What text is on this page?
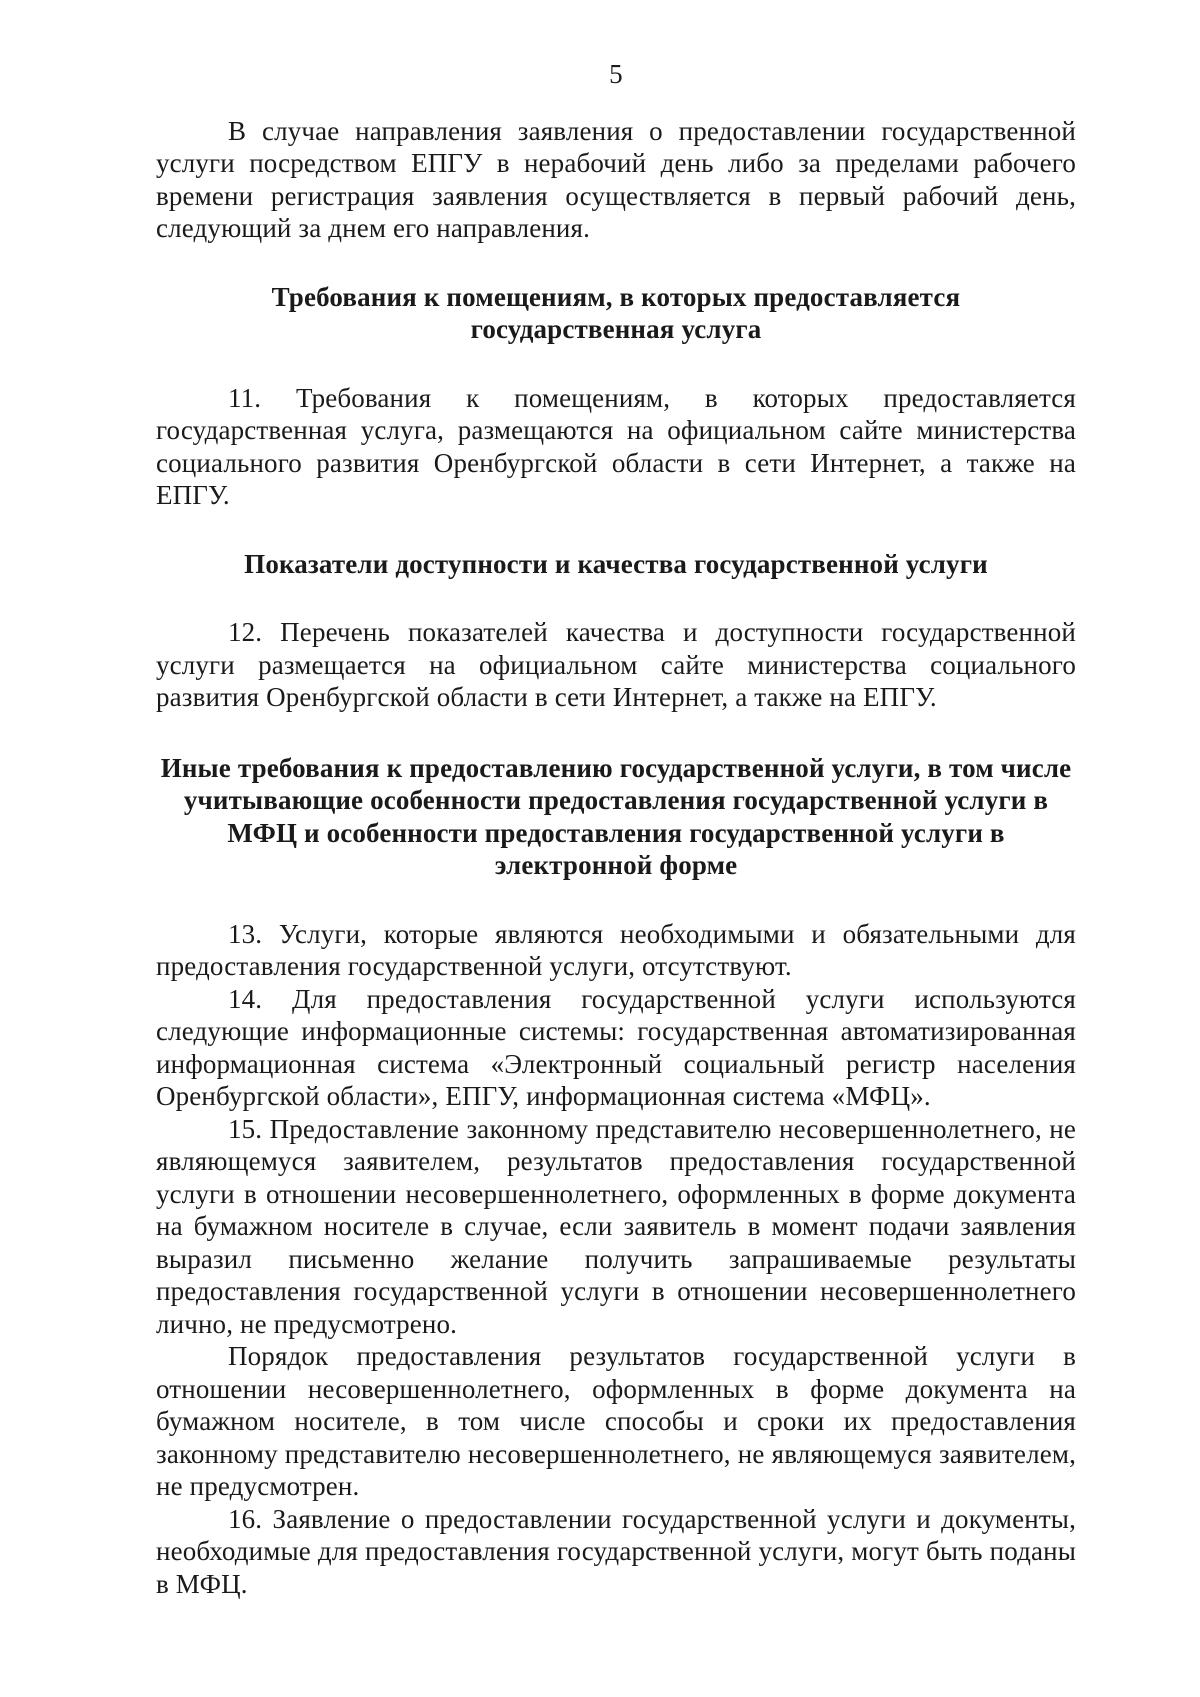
5

В случае направления заявления о предоставлении государственной услуги посредством ЕПГУ в нерабочий день либо за пределами рабочего времени регистрация заявления осуществляется в первый рабочий день, следующий за днем его направления.

Требования к помещениям, в которых предоставляется государственная услуга

11. Требования к помещениям, в которых предоставляется государственная услуга, размещаются на официальном сайте министерства социального развития Оренбургской области в сети Интернет, а также на ЕПГУ.

Показатели доступности и качества государственной услуги

12. Перечень показателей качества и доступности государственной услуги размещается на официальном сайте министерства социального развития Оренбургской области в сети Интернет, а также на ЕПГУ.

Иные требования к предоставлению государственной услуги, в том числе учитывающие особенности предоставления государственной услуги в МФЦ и особенности предоставления государственной услуги в электронной форме

13. Услуги, которые являются необходимыми и обязательными для предоставления государственной услуги, отсутствуют.

14. Для предоставления государственной услуги используются следующие информационные системы: государственная автоматизированная информационная система «Электронный социальный регистр населения Оренбургской области», ЕПГУ, информационная система «МФЦ».

15. Предоставление законному представителю несовершеннолетнего, не являющемуся заявителем, результатов предоставления государственной услуги в отношении несовершеннолетнего, оформленных в форме документа на бумажном носителе в случае, если заявитель в момент подачи заявления выразил письменно желание получить запрашиваемые результаты предоставления государственной услуги в отношении несовершеннолетнего лично, не предусмотрено.

Порядок предоставления результатов государственной услуги в отношении несовершеннолетнего, оформленных в форме документа на бумажном носителе, в том числе способы и сроки их предоставления законному представителю несовершеннолетнего, не являющемуся заявителем, не предусмотрен.

16. Заявление о предоставлении государственной услуги и документы, необходимые для предоставления государственной услуги, могут быть поданы в МФЦ.
